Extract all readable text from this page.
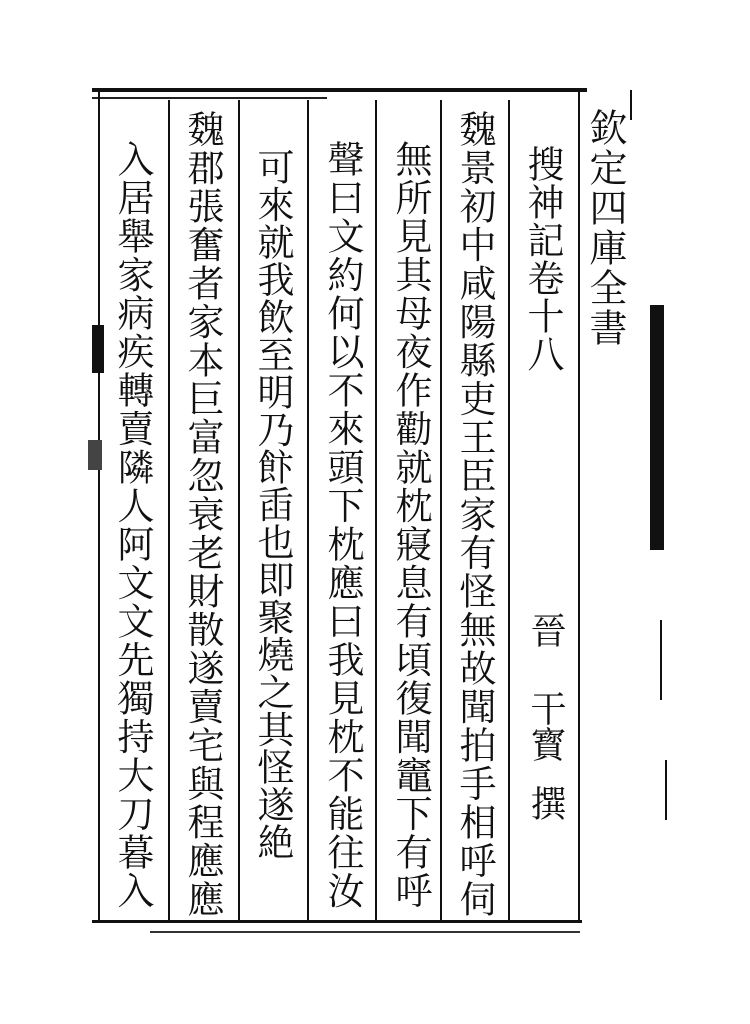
欽定四庫全書
搜神記卷十八
晉
干寳
撰
魏景初中咸陽縣吏王臣家有怪無故聞拍手相呼伺
無所見其母夜作勸就枕寢息有頃復聞竈下有呼
聲曰文約何以不來頭下枕應曰我見枕不能往汝
可來就我飲至明乃飰臿也即聚燒之其怪遂絶
魏郡張奮者家本巨富忽衰老財散遂賣宅與程應應
入居舉家病疾轉賣隣人阿文文先獨持大刀暮入
